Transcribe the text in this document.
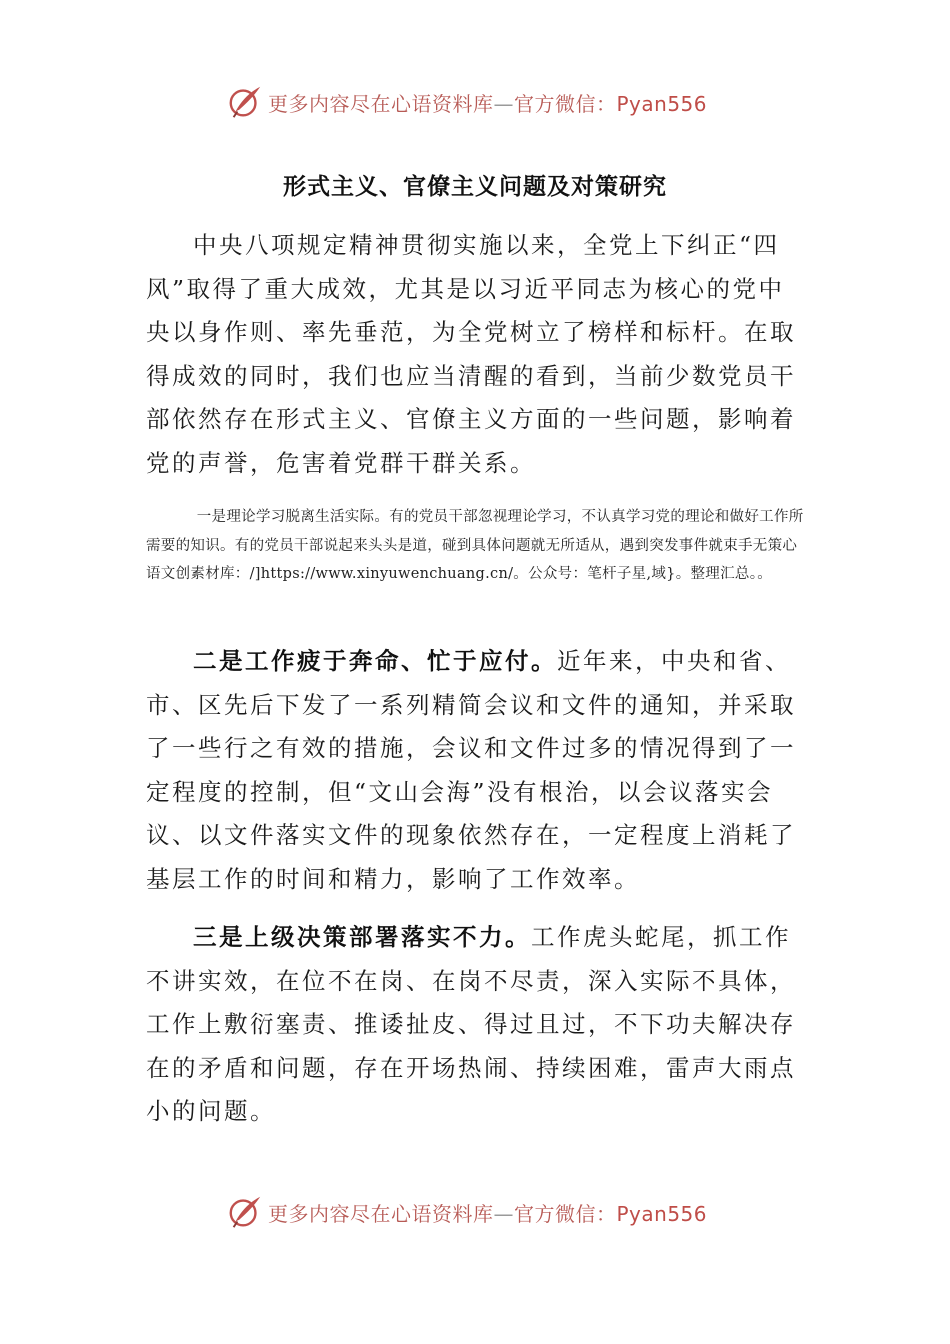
更多内容尽在心语资料库—官方微信：Pyan556
形式主义、官僚主义问题及对策研究

中央八项规定精神贯彻实施以来，全党上下纠正“四风”取得了重大成效，尤其是以习近平同志为核心的党中央以身作则、率先垂范，为全党树立了榜样和标杆。在取得成效的同时，我们也应当清醒的看到，当前少数党员干部依然存在形式主义、官僚主义方面的一些问题，影响着党的声誉，危害着党群干群关系。

一是理论学习脱离生活实际。有的党员干部忽视理论学习，不认真学习党的理论和做好工作所需要的知识。有的党员干部说起来头头是道，碰到具体问题就无所适从，遇到突发事件就束手无策心语文创素材库：/]https://www.xinyuwenchuang.cn/。公众号：笔杆子星,域}。整理汇总。。

二是工作疲于奔命、忙于应付。近年来，中央和省、市、区先后下发了一系列精简会议和文件的通知，并采取了一些行之有效的措施，会议和文件过多的情况得到了一定程度的控制，但“文山会海”没有根治，以会议落实会议、以文件落实文件的现象依然存在，一定程度上消耗了基层工作的时间和精力，影响了工作效率。

三是上级决策部署落实不力。工作虎头蛇尾，抓工作不讲实效，在位不在岗、在岗不尽责，深入实际不具体，工作上敷衍塞责、推诿扯皮、得过且过，不下功夫解决存在的矛盾和问题，存在开场热闹、持续困难，雷声大雨点小的问题。

更多内容尽在心语资料库—官方微信：Pyan556
